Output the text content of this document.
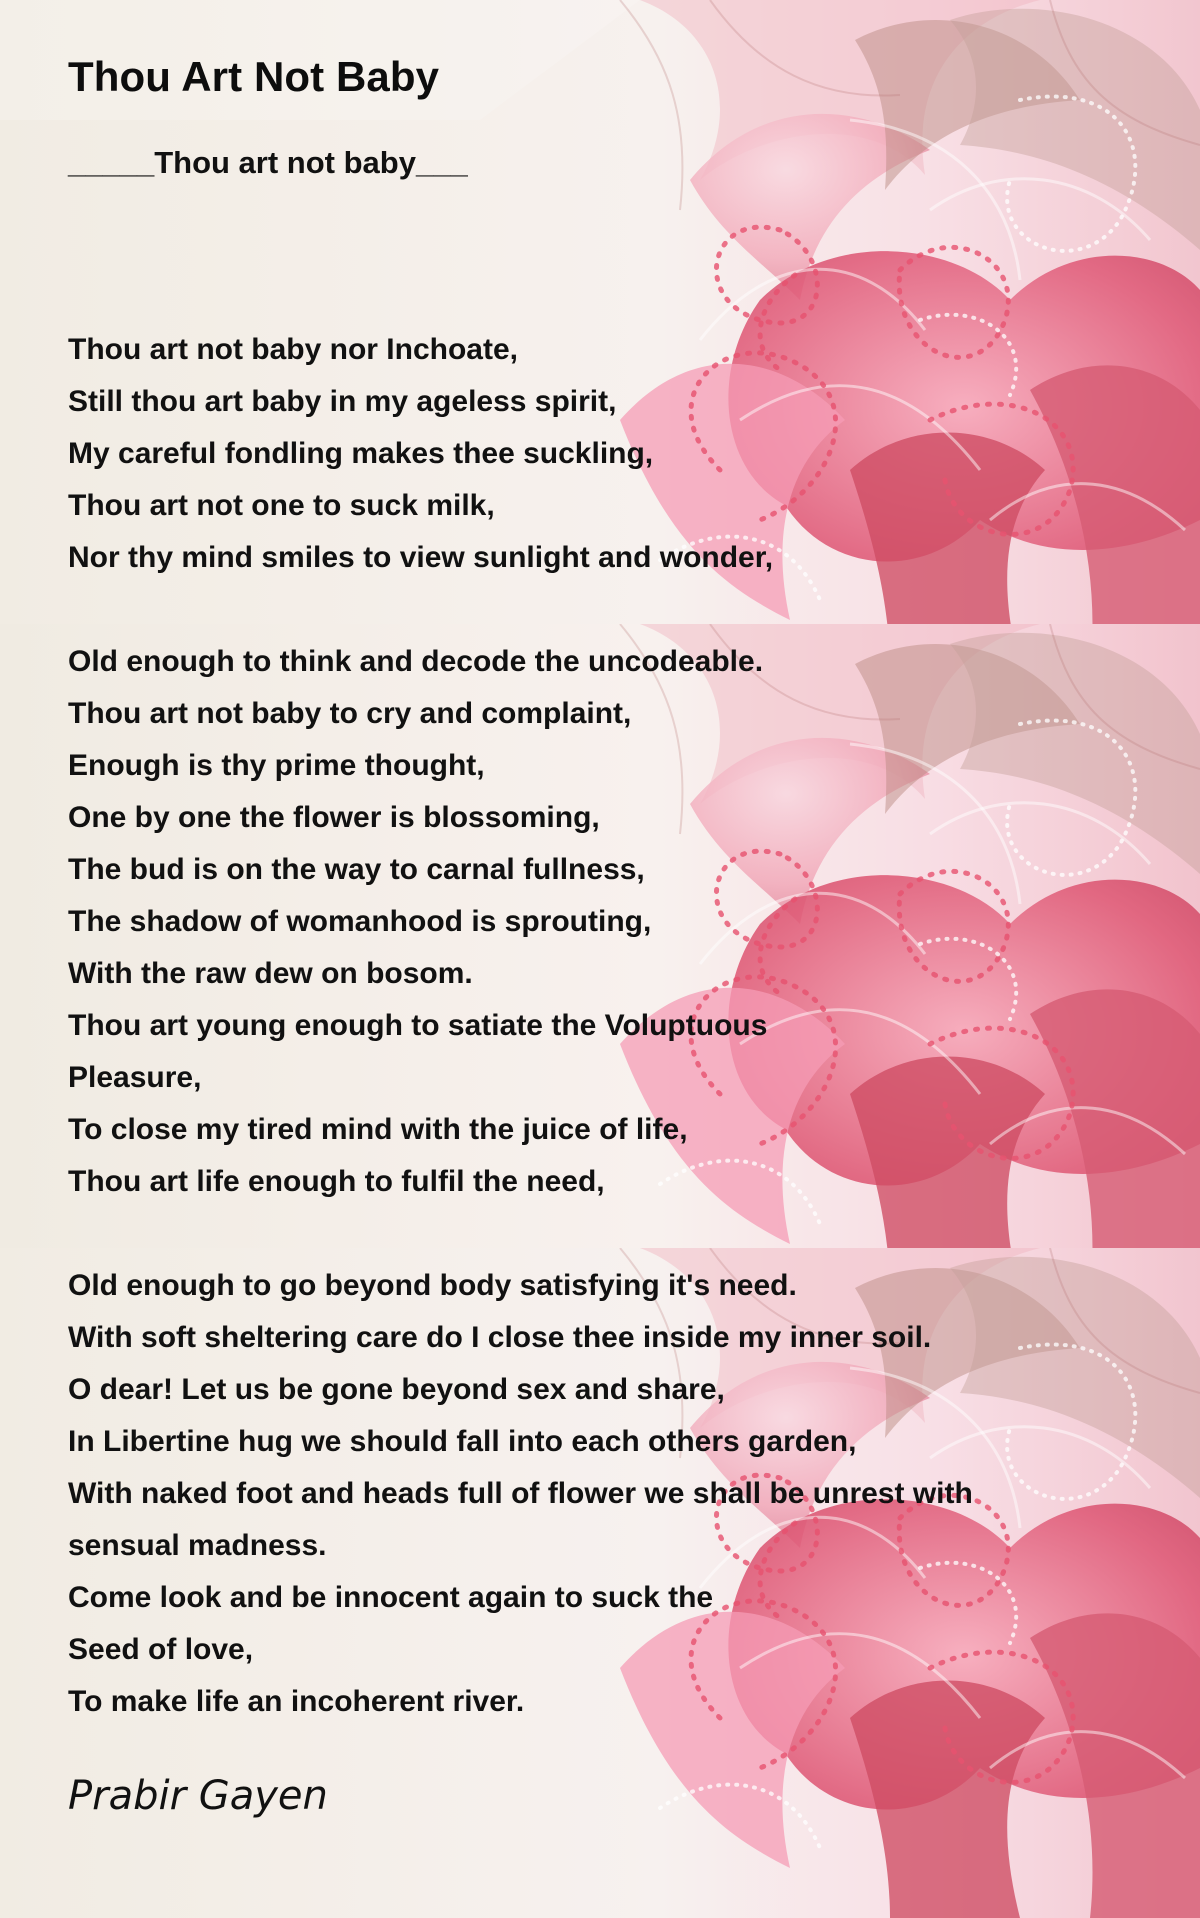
Thou Art Not Baby
_____Thou art not baby___

Thou art not baby nor Inchoate,

Still thou art baby in my ageless spirit,

My careful fondling makes thee suckling,

Thou art not one to suck milk,

Nor thy mind smiles to view sunlight and wonder,

Old enough to think and decode the uncodeable.

Thou art not baby to cry and complaint,

Enough is thy prime thought,

One by one the flower is blossoming,

The bud is on the way to carnal fullness,

The shadow of womanhood is sprouting,

With the raw dew on bosom.

Thou art young enough to satiate the Voluptuous

Pleasure,

To close my tired mind with the juice of life,

Thou art life enough to fulfil the need,

Old enough to go beyond body satisfying it's need.

With soft sheltering care do I close thee inside my inner soil.

O dear! Let us be gone beyond sex and share,

In Libertine hug we should fall into each others garden,

With naked foot and heads full of flower we shall be unrest with

sensual madness.

Come look and be innocent again to suck the

Seed of love,

To make life an incoherent river.

Prabir Gayen
